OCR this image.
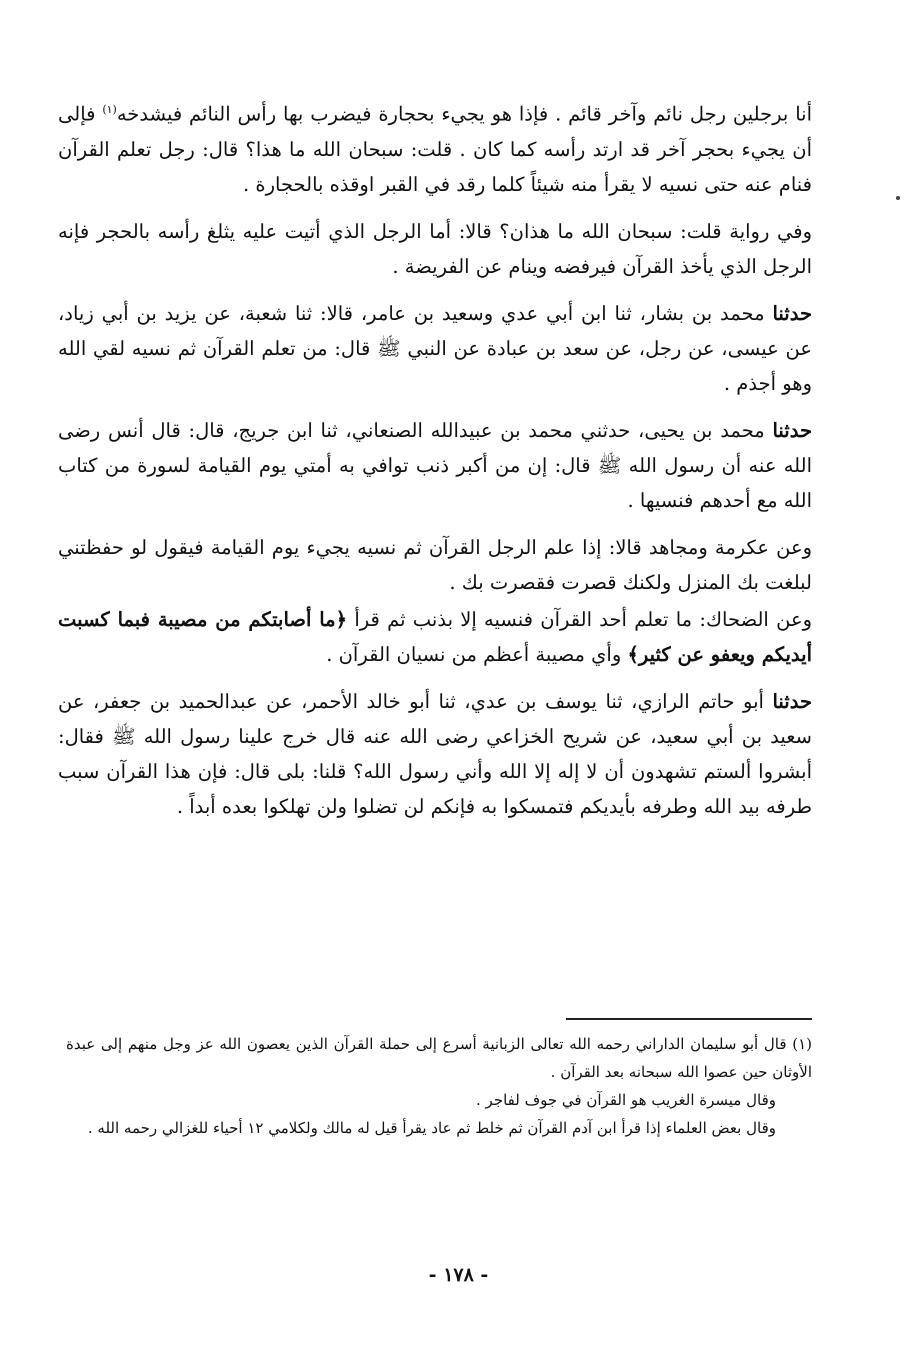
أنا برجلين رجل نائم وآخر قائم . فإذا هو يجيء بحجارة فيضرب بها رأس النائم فيشدخه$^{(١)}$ فإلى أن يجيء بحجر آخر قد ارتد رأسه كما كان . قلت: سبحان الله ما هذا؟ قال: رجل تعلم القرآن فنام عنه حتى نسيه لا يقرأ منه شيئاً كلما رقد في القبر اوقذه بالحجارة .

وفي رواية قلت: سبحان الله ما هذان؟ قالا: أما الرجل الذي أتيت عليه يثلغ رأسه بالحجر فإنه الرجل الذي يأخذ القرآن فيرفضه وينام عن الفريضة .

حدثنا محمد بن بشار، ثنا ابن أبي عدي وسعيد بن عامر، قالا: ثنا شعبة، عن يزيد بن أبي زياد، عن عيسى، عن رجل، عن سعد بن عبادة عن النبي ﷺ قال: من تعلم القرآن ثم نسيه لقي الله وهو أجذم .

حدثنا محمد بن يحيى، حدثني محمد بن عبيدالله الصنعاني، ثنا ابن جريج، قال: قال أنس رضى الله عنه أن رسول الله ﷺ قال: إن من أكبر ذنب توافي به أمتي يوم القيامة لسورة من كتاب الله مع أحدهم فنسيها .

وعن عكرمة ومجاهد قالا: إذا علم الرجل القرآن ثم نسيه يجيء يوم القيامة فيقول لو حفظتني لبلغت بك المنزل ولكنك قصرت فقصرت بك .

وعن الضحاك: ما تعلم أحد القرآن فنسيه إلا بذنب ثم قرأ ﴿ما أصابتكم من مصيبة فبما كسبت أيديكم ويعفو عن كثير﴾ وأي مصيبة أعظم من نسيان القرآن .

حدثنا أبو حاتم الرازي، ثنا يوسف بن عدي، ثنا أبو خالد الأحمر، عن عبدالحميد بن جعفر، عن سعيد بن أبي سعيد، عن شريح الخزاعي رضى الله عنه قال خرج علينا رسول الله ﷺ فقال: أبشروا ألستم تشهدون أن لا إله إلا الله وأني رسول الله؟ قلنا: بلى قال: فإن هذا القرآن سبب طرفه بيد الله وطرفه بأيديكم فتمسكوا به فإنكم لن تضلوا ولن تهلكوا بعده أبداً .

(١) قال أبو سليمان الداراني رحمه الله تعالى الزبانية أسرع إلى حملة القرآن الذين يعصون الله عز وجل منهم إلى عبدة الأوثان حين عصوا الله سبحانه بعد القرآن .

وقال ميسرة الغريب هو القرآن في جوف لفاجر .

وقال بعض العلماء إذا قرأ ابن آدم القرآن ثم خلط ثم عاد يقرأ قيل له مالك ولكلامي ١٢ أحياء للغزالي رحمه الله .

- ١٧٨ -
